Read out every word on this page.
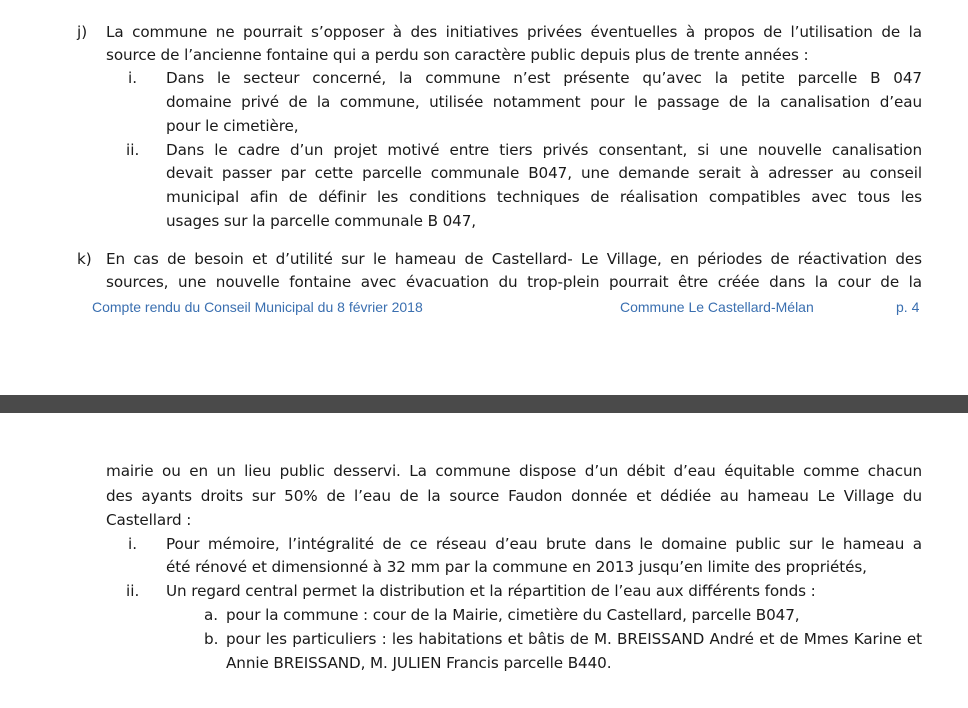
j) La commune ne pourrait s’opposer à des initiatives privées éventuelles à propos de l’utilisation de la
source de l’ancienne fontaine qui a perdu son caractère public depuis plus de trente années :
i. Dans le secteur concerné, la commune n’est présente qu’avec la petite parcelle B 047
domaine privé de la commune, utilisée notamment pour le passage de la canalisation d’eau
pour le cimetière,
ii. Dans le cadre d’un projet motivé entre tiers privés consentant, si une nouvelle canalisation
devait passer par cette parcelle communale B047, une demande serait à adresser au conseil
municipal afin de définir les conditions techniques de réalisation compatibles avec tous les
usages sur la parcelle communale B 047,
k) En cas de besoin et d’utilité sur le hameau de Castellard- Le Village, en périodes de réactivation des
sources, une nouvelle fontaine avec évacuation du trop-plein pourrait être créée dans la cour de la
Compte rendu du Conseil Municipal du 8 février 2018	Commune Le Castellard-Mélan	p. 4
mairie ou en un lieu public desservi. La commune dispose d’un débit d’eau équitable comme chacun
des ayants droits sur 50% de l’eau de la source Faudon donnée et dédiée au hameau Le Village du
Castellard :
i. Pour mémoire, l’intégralité de ce réseau d’eau brute dans le domaine public sur le hameau a
été rénové et dimensionné à 32 mm par la commune en 2013 jusqu’en limite des propriétés,
ii. Un regard central permet la distribution et la répartition de l’eau aux différents fonds :
a. pour la commune : cour de la Mairie, cimetière du Castellard, parcelle B047,
b. pour les particuliers : les habitations et bâtis de M. BREISSAND André et de Mmes Karine et
Annie BREISSAND, M. JULIEN Francis parcelle B440.
